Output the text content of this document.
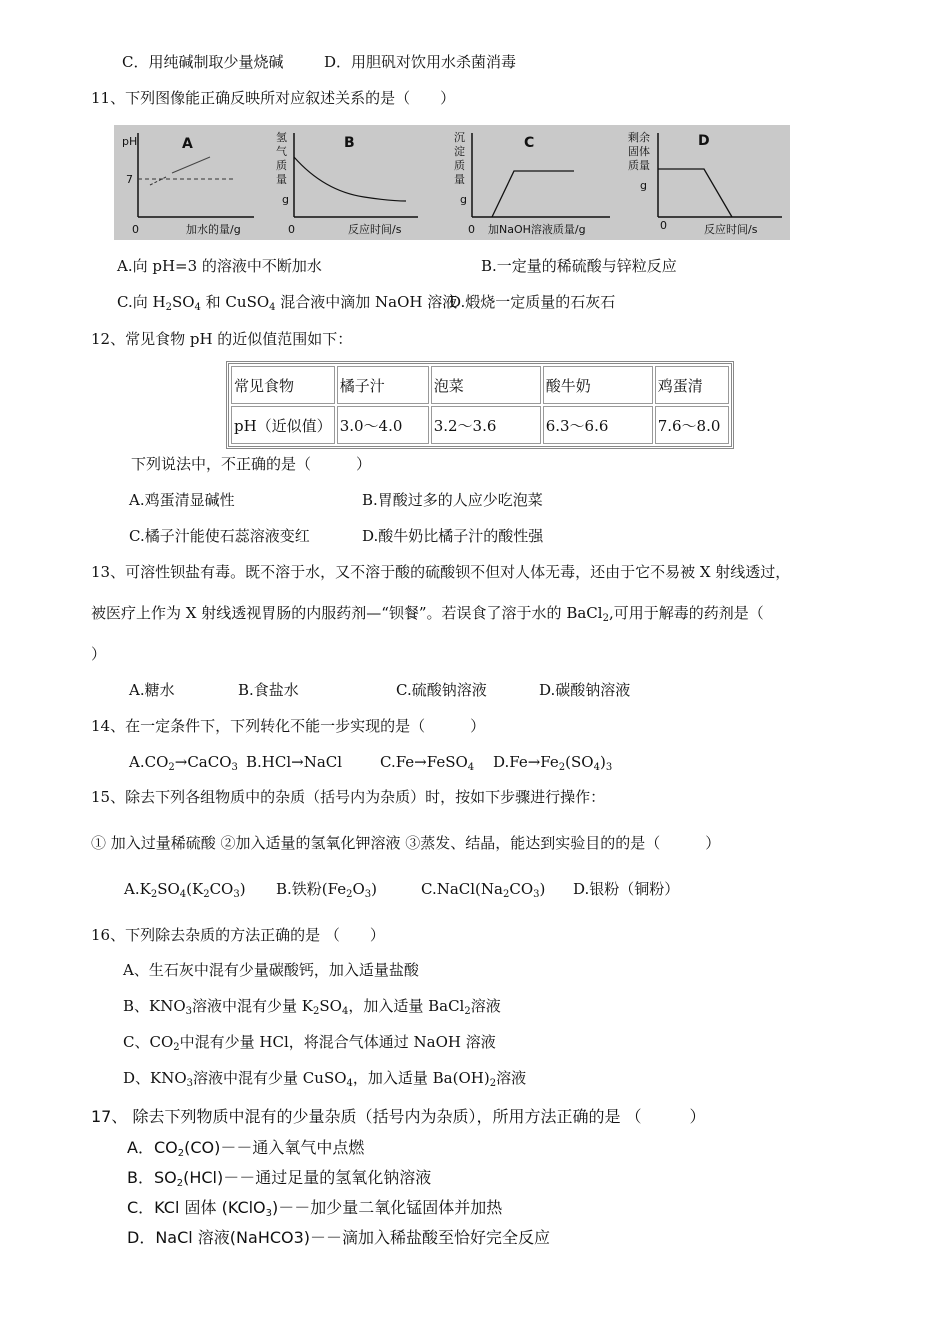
C．用纯碱制取少量烧碱	D．用胆矾对饮用水杀菌消毒
11、下列图像能正确反映所对应叙述关系的是（　　）
pH	A
7
0	加水的量/g
氢
气
质
量
g
B
0	反应时间/s
沉
淀
质
量
g
C
0 加NaOH溶液质量/g
剩余
固体
质量
g
D
0	反应时间/s
A.向 pH=3 的溶液中不断加水	B.一定量的稀硫酸与锌粒反应
C.向 $H_2SO_4$ 和 CuSO$_4$ 混合液中滴加 NaOH 溶液
D.煅烧一定质量的石灰石
12、常见食物 pH 的近似值范围如下：
常见食物	橘子汁	泡菜	酸牛奶	鸡蛋清
pH（近似值）	3.0～4.0	3.2～3.6	6.3～6.6	7.6～8.0
下列说法中，不正确的是（　　　）
A.鸡蛋清显碱性	B.胃酸过多的人应少吃泡菜
C.橘子汁能使石蕊溶液变红	D.酸牛奶比橘子汁的酸性强
13、可溶性钡盐有毒。既不溶于水，又不溶于酸的硫酸钡不但对人体无毒，还由于它不易被 X 射线透过，
被医疗上作为 X 射线透视胃肠的内服药剂—“钡餐”。若误食了溶于水的 BaCl$_2$,可用于解毒的药剂是（
）
A.糖水	B.食盐水	C.硫酸钠溶液	D.碳酸钠溶液
14、在一定条件下，下列转化不能一步实现的是（　　　）
$A.CO_2\to CaCO_3$ B.HCl→NaCl	C.Fe→FeSO$_4$ $D.Fe\to Fe_2(SO_4)_3$
15、除去下列各组物质中的杂质（括号内为杂质）时，按如下步骤进行操作：
① 加入过量稀硫酸 ②加入适量的氢氧化钾溶液 ③蒸发、结晶，能达到实验目的的是（　　　）
$A.K_2SO_4(K_2CO_3)$ B.铁粉$(Fe_2O_3)$	$C.NaCl(Na_2CO_3)$ D.银粉（铜粉）
16、下列除去杂质的方法正确的是 （　　）
A、生石灰中混有少量碳酸钙，加入适量盐酸
B、$KNO_3$溶液中混有少量 $K_2SO_4$，加入适量 BaCl$_2$溶液
C、$CO_2$中混有少量 HCl，将混合气体通过 NaOH 溶液
D、$KNO_3$溶液中混有少量 CuSO$_4$，加入适量 $Ba(OH)_2$溶液
17、 除去下列物质中混有的少量杂质（括号内为杂质），所用方法正确的是 （　　　）
A．$CO_2(CO)--$通入氧气中点燃
B．$SO_2(HCl)--$通过足量的氢氧化钠溶液
C．KCl 固体 (KClO$_3$)－－加少量二氧化锰固体并加热
D．NaCl 溶液(NaHCO3)－－滴加入稀盐酸至恰好完全反应
